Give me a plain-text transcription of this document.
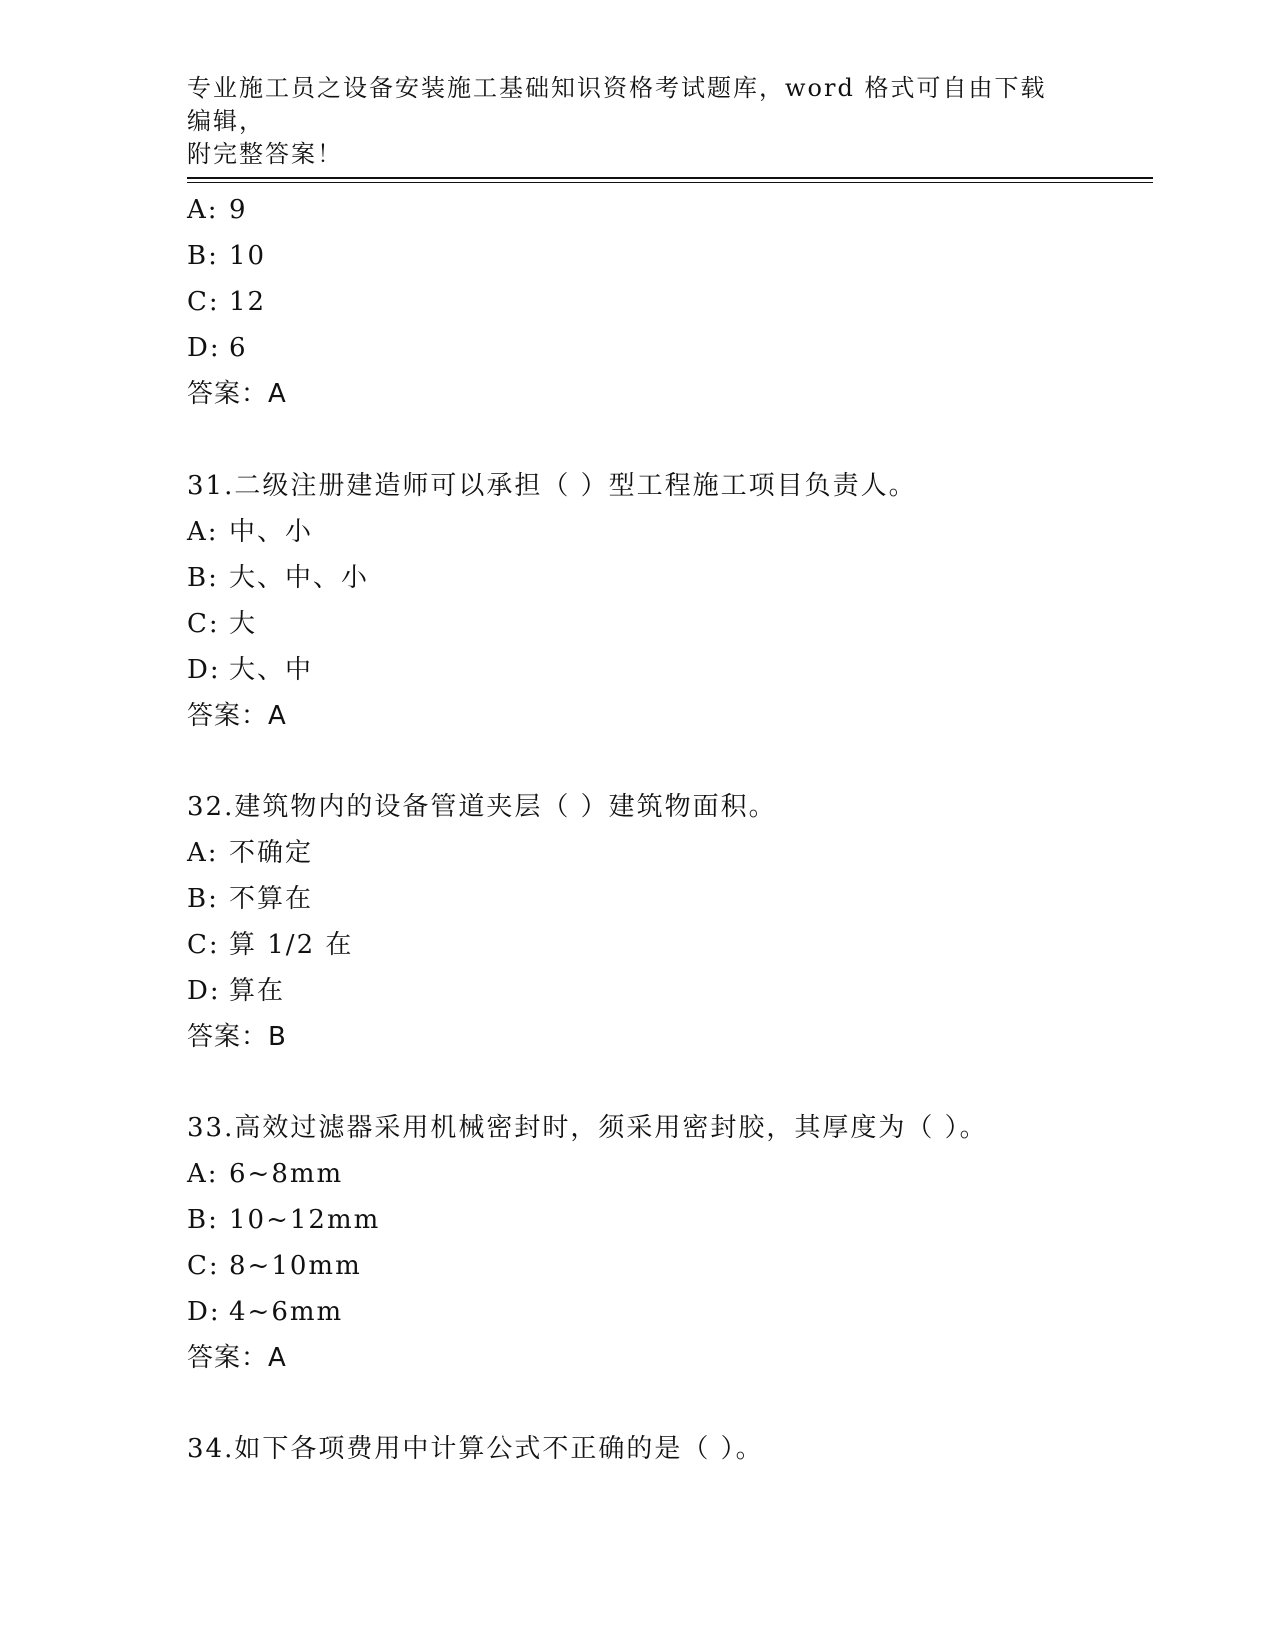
专业施工员之设备安装施工基础知识资格考试题库，word 格式可自由下载编辑，
附完整答案！
A: 9
B: 10
C: 12
D: 6
答案：A
31.二级注册建造师可以承担（ ）型工程施工项目负责人。
A: 中、小
B: 大、中、小
C: 大
D: 大、中
答案：A
32.建筑物内的设备管道夹层（ ）建筑物面积。
A: 不确定
B: 不算在
C: 算 1/2 在
D: 算在
答案：B
33.高效过滤器采用机械密封时，须采用密封胶，其厚度为（ ）。
A: 6~8mm
B: 10~12mm
C: 8~10mm
D: 4~6mm
答案：A
34.如下各项费用中计算公式不正确的是（ ）。
